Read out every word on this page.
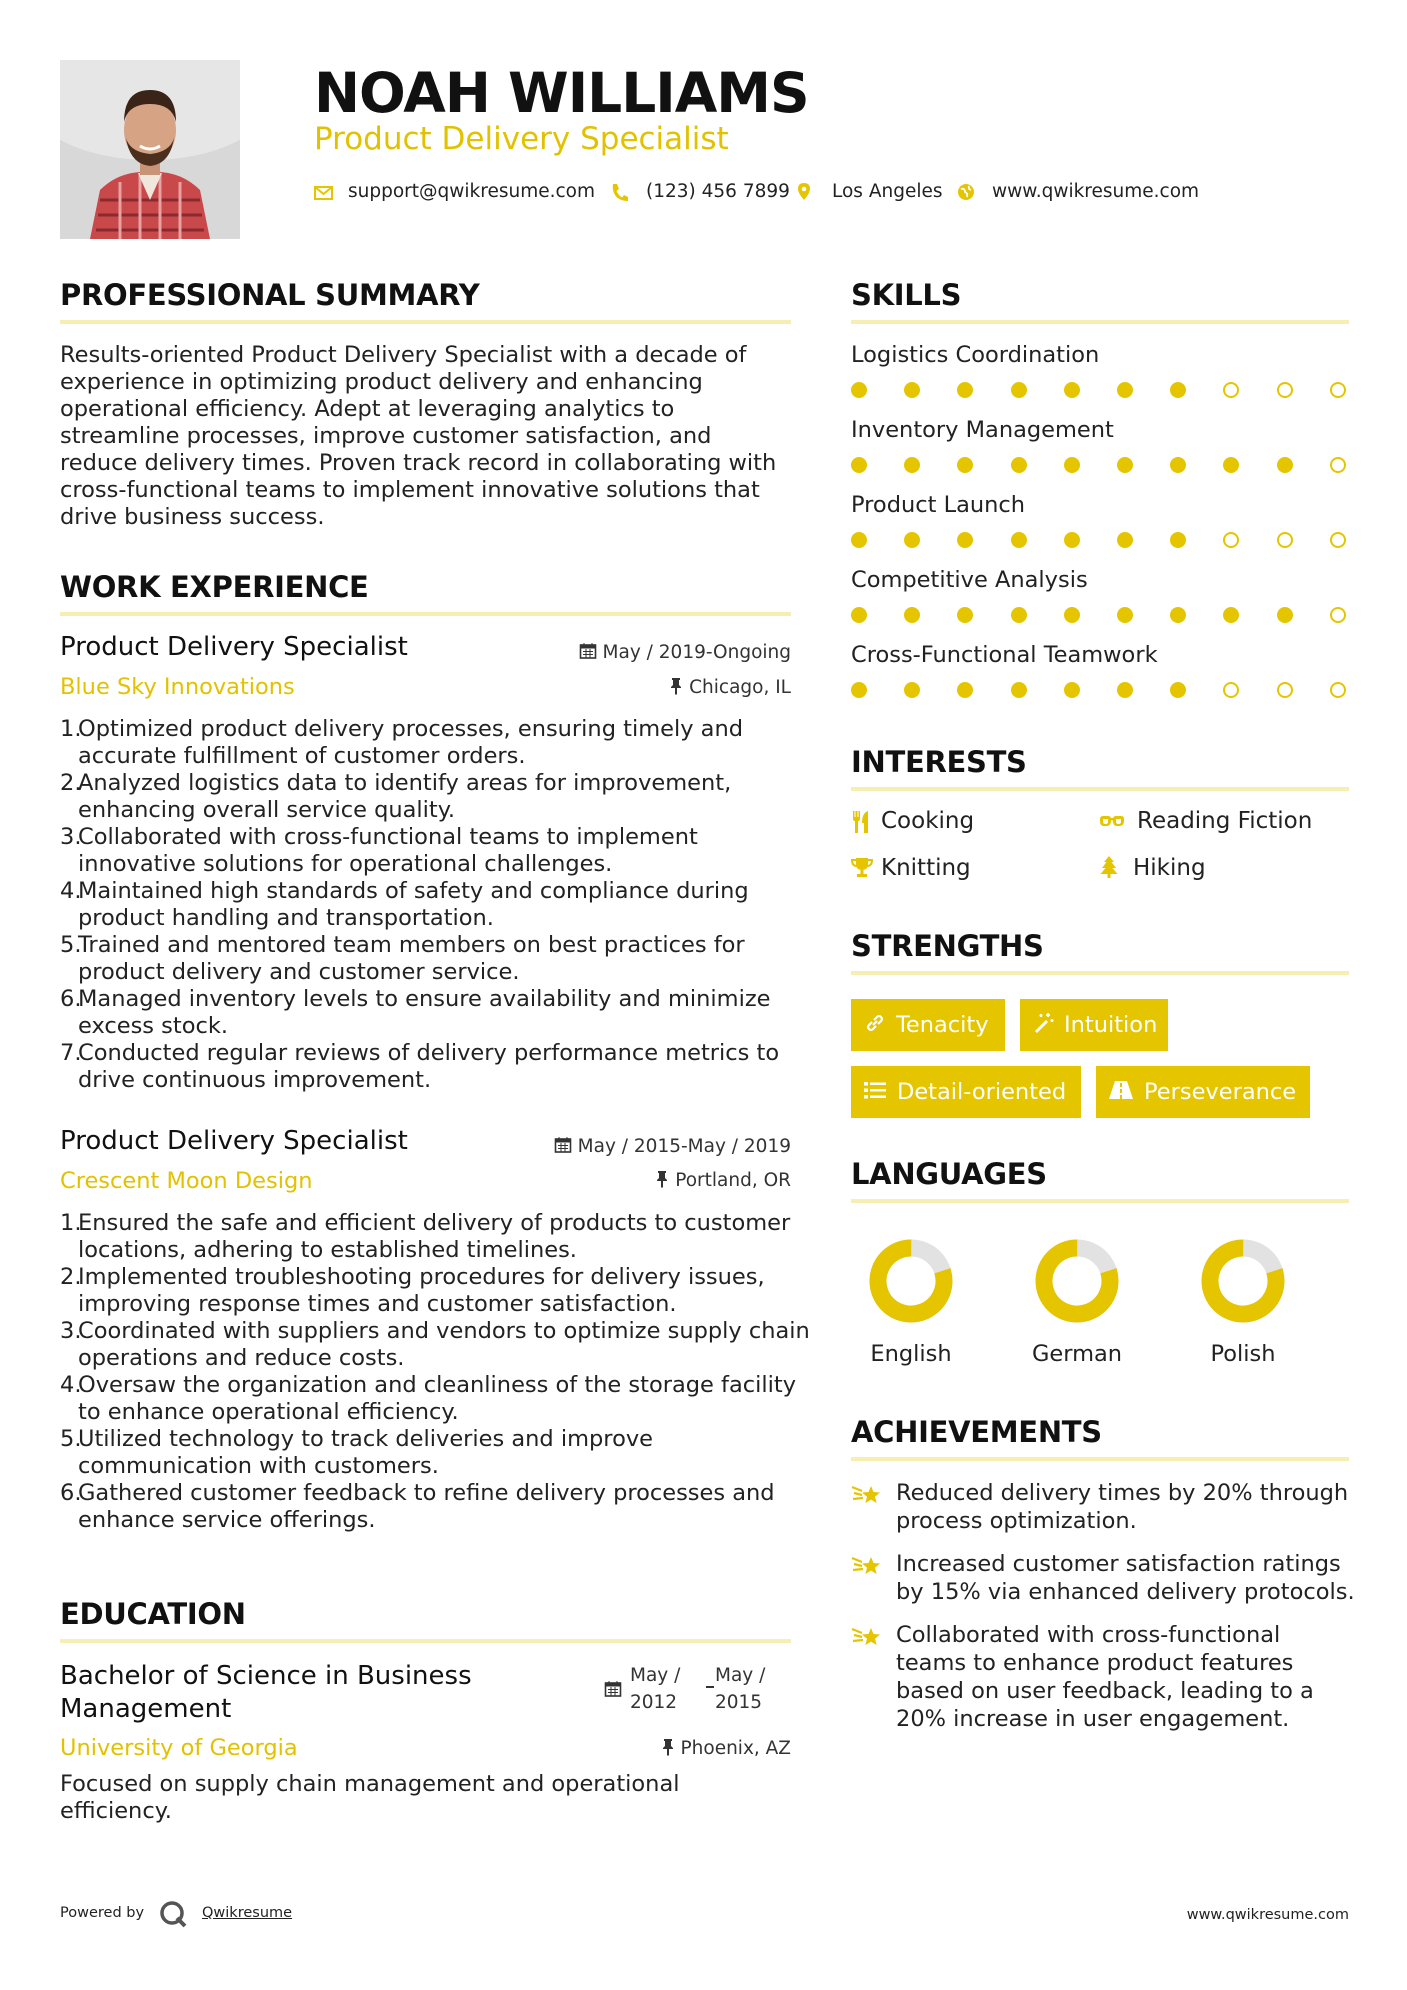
NOAH WILLIAMS
Product Delivery Specialist
support@qwikresume.com	(123) 456 7899 Los Angeles	www.qwikresume.com
PROFESSIONAL SUMMARY
Results-oriented Product Delivery Specialist with a decade of experience in optimizing product delivery and enhancing operational efficiency. Adept at leveraging analytics to streamline processes, improve customer satisfaction, and reduce delivery times. Proven track record in collaborating with cross-functional teams to implement innovative solutions that drive business success.
WORK EXPERIENCE
Product Delivery Specialist
Blue Sky Innovations
May / 2019-Ongoing
Chicago, IL
Optimized product delivery processes, ensuring timely and accurate fulfillment of customer orders.
Analyzed logistics data to identify areas for improvement, enhancing overall service quality.
Collaborated with cross-functional teams to implement innovative solutions for operational challenges.
Maintained high standards of safety and compliance during product handling and transportation.
Trained and mentored team members on best practices for product delivery and customer service.
Managed inventory levels to ensure availability and minimize excess stock.
Conducted regular reviews of delivery performance metrics to drive continuous improvement.
Product Delivery Specialist
Crescent Moon Design
May / 2015-May / 2019
Portland, OR
Ensured the safe and efficient delivery of products to customer locations, adhering to established timelines.
Implemented troubleshooting procedures for delivery issues, improving response times and customer satisfaction.
Coordinated with suppliers and vendors to optimize supply chain operations and reduce costs.
Oversaw the organization and cleanliness of the storage facility to enhance operational efficiency.
Utilized technology to track deliveries and improve communication with customers.
Gathered customer feedback to refine delivery processes and enhance service offerings.
EDUCATION
Bachelor of Science in Business
Management
May /
2012
May /
2015
University of Georgia	Phoenix, AZ
Focused on supply chain management and operational efficiency.
SKILLS
Logistics Coordination
Inventory Management
Product Launch
Competitive Analysis
Cross-Functional Teamwork
INTERESTS
Cooking	Reading Fiction
Knitting	Hiking
STRENGTHS
Tenacity	Intuition
Detail-oriented	Perseverance
LANGUAGES
English	German	Polish
ACHIEVEMENTS
Reduced delivery times by 20% through process optimization.
Increased customer satisfaction ratings by 15% via enhanced delivery protocols.
Collaborated with cross-functional teams to enhance product features based on user feedback, leading to a 20% increase in user engagement.
Powered by	Qwikresume	www.qwikresume.com
